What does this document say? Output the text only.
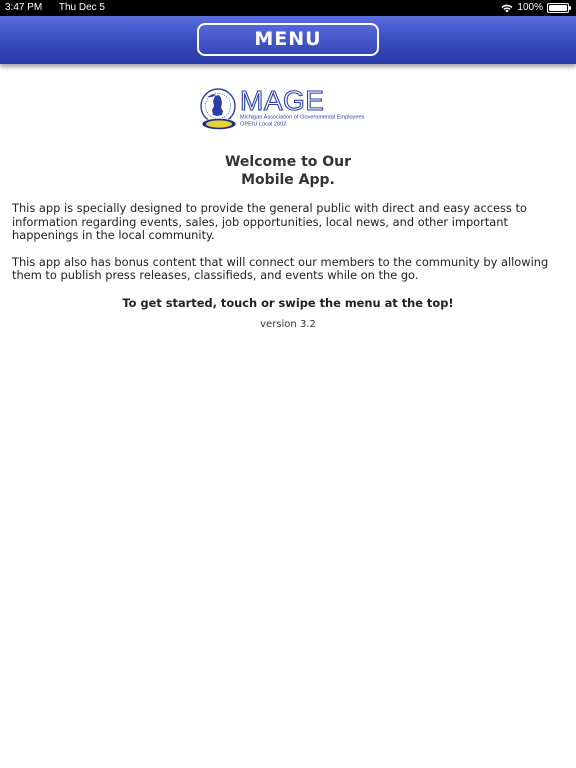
3:47 PM Thu Dec 5	100%
MENU
MAGE
Michigan Association of Governmental Employees
OPEIU Local 2002
Welcome to Our
Mobile App.

This app is specially designed to provide the general public with direct and easy access to information regarding events, sales, job opportunities, local news, and other important happenings in the local community.

This app also has bonus content that will connect our members to the community by allowing them to publish press releases, classifieds, and events while on the go.

To get started, touch or swipe the menu at the top!
version 3.2
